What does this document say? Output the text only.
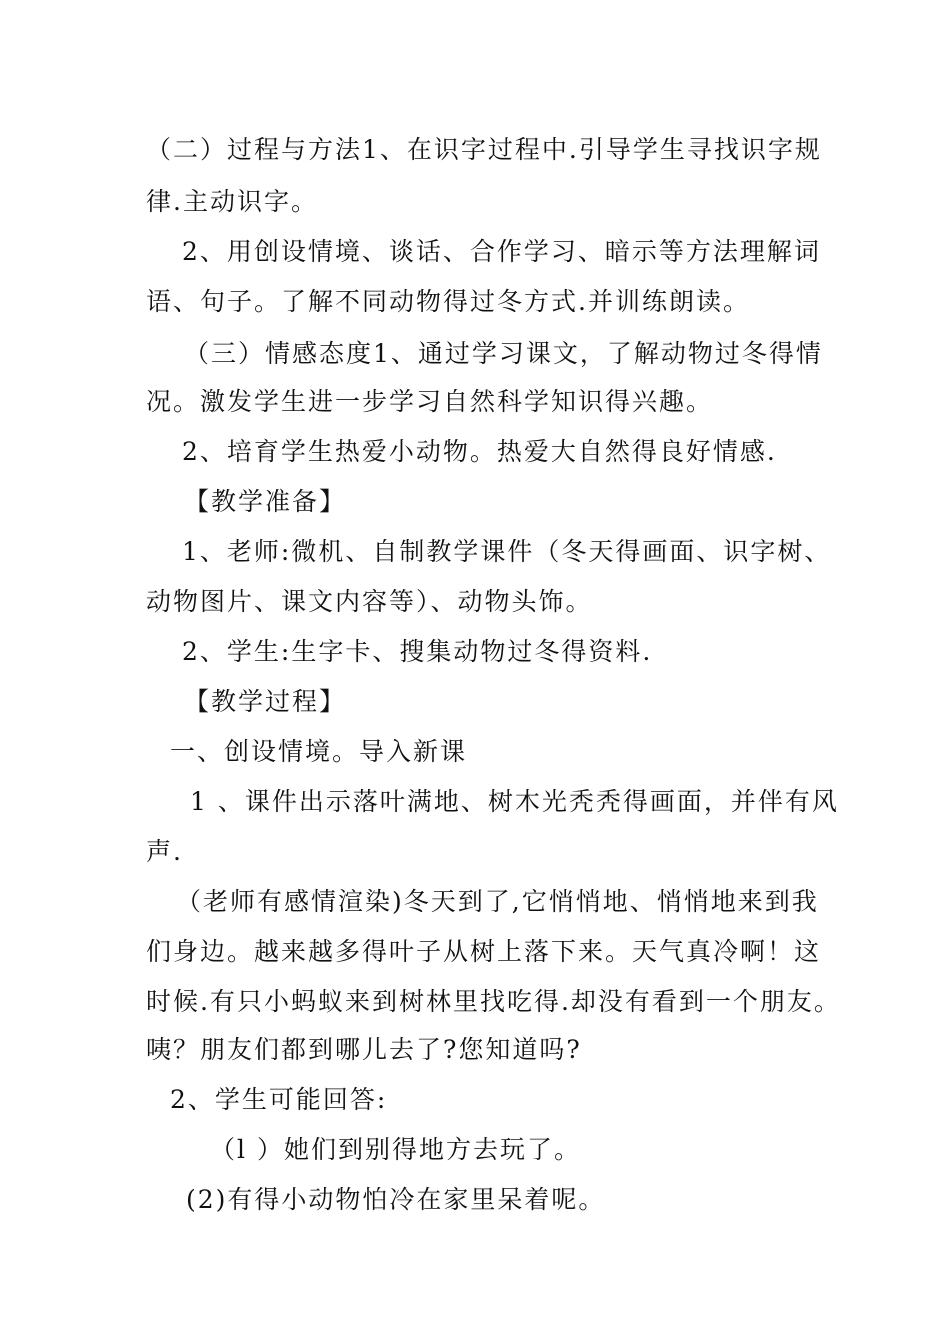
（二）过程与方法1、在识字过程中.引导学生寻找识字规
律.主动识字。
2、用创设情境、谈话、合作学习、暗示等方法理解词
语、句子。了解不同动物得过冬方式.并训练朗读。
（三）情感态度1、通过学习课文，了解动物过冬得情
况。激发学生进一步学习自然科学知识得兴趣。
2、培育学生热爱小动物。热爱大自然得良好情感.
【教学准备】
1、老师:微机、自制教学课件（冬天得画面、识字树、
动物图片、课文内容等）、动物头饰。
2、学生:生字卡、搜集动物过冬得资料.
【教学过程】
一、创设情境。导入新课
1 、课件出示落叶满地、树木光秃秃得画面，并伴有风
声.
（老师有感情渲染)冬天到了,它悄悄地、悄悄地来到我
们身边。越来越多得叶子从树上落下来。天气真冷啊！这
时候.有只小蚂蚁来到树林里找吃得.却没有看到一个朋友。
咦？朋友们都到哪儿去了?您知道吗?
2、学生可能回答:
（l ）她们到别得地方去玩了。
(2)有得小动物怕冷在家里呆着呢。
